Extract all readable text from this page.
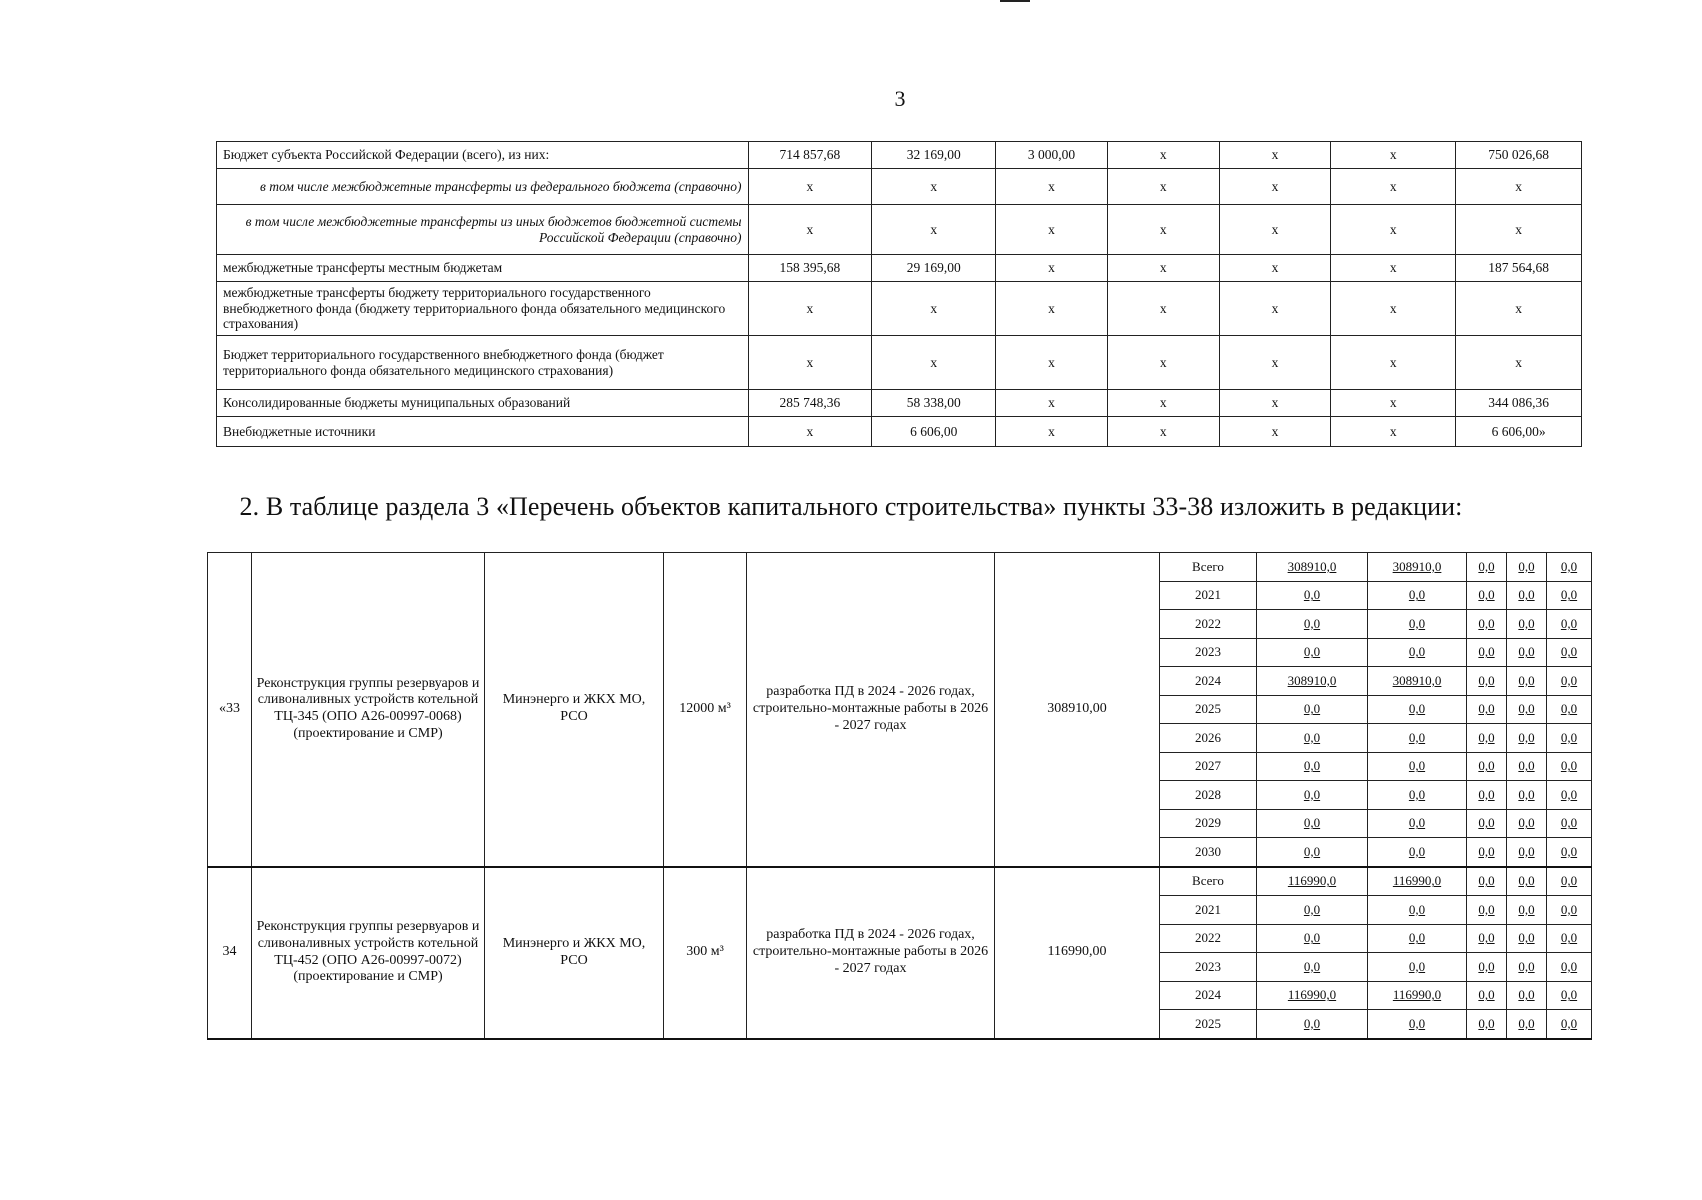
3
Бюджет субъекта Российской Федерации (всего), из них:	714 857,68	32 169,00	3 000,00	x	x	x	750 026,68
в том числе межбюджетные трансферты из федерального бюджета (справочно)	x	x	x	x	x	x	x
в том числе межбюджетные трансферты из иных бюджетов бюджетной системы Российской Федерации (справочно)	x	x	x	x	x	x	x
межбюджетные трансферты местным бюджетам	158 395,68	29 169,00	x	x	x	x	187 564,68
межбюджетные трансферты бюджету территориального государственного внебюджетного фонда (бюджету территориального фонда обязательного медицинского страхования)	x	x	x	x	x	x	x
Бюджет территориального государственного внебюджетного фонда (бюджет территориального фонда обязательного медицинского страхования)	x	x	x	x	x	x	x
Консолидированные бюджеты муниципальных образований	285 748,36	58 338,00	x	x	x	x	344 086,36
Внебюджетные источники	x	6 606,00	x	x	x	x	6 606,00»
2. В таблице раздела 3 «Перечень объектов капитального строительства» пункты 33-38 изложить в редакции:
«33	Реконструкция группы резервуаров и сливоналивных устройств котельной ТЦ-345 (ОПО А26-00997-0068) (проектирование и СМР)	Минэнерго и ЖКХ МО, РСО	12000 м³	разработка ПД в 2024 - 2026 годах, строительно-монтажные работы в 2026 - 2027 годах	308910,00	Всего	308910,0	308910,0	0,0	0,0	0,0
						2021	0,0	0,0	0,0	0,0	0,0
						2022	0,0	0,0	0,0	0,0	0,0
						2023	0,0	0,0	0,0	0,0	0,0
						2024	308910,0	308910,0	0,0	0,0	0,0
						2025	0,0	0,0	0,0	0,0	0,0
						2026	0,0	0,0	0,0	0,0	0,0
						2027	0,0	0,0	0,0	0,0	0,0
						2028	0,0	0,0	0,0	0,0	0,0
						2029	0,0	0,0	0,0	0,0	0,0
						2030	0,0	0,0	0,0	0,0	0,0
34	Реконструкция группы резервуаров и сливоналивных устройств котельной ТЦ-452 (ОПО А26-00997-0072) (проектирование и СМР)	Минэнерго и ЖКХ МО, РСО	300 м³	разработка ПД в 2024 - 2026 годах, строительно-монтажные работы в 2026 - 2027 годах	116990,00	Всего	116990,0	116990,0	0,0	0,0	0,0
						2021	0,0	0,0	0,0	0,0	0,0
						2022	0,0	0,0	0,0	0,0	0,0
						2023	0,0	0,0	0,0	0,0	0,0
						2024	116990,0	116990,0	0,0	0,0	0,0
						2025	0,0	0,0	0,0	0,0	0,0
